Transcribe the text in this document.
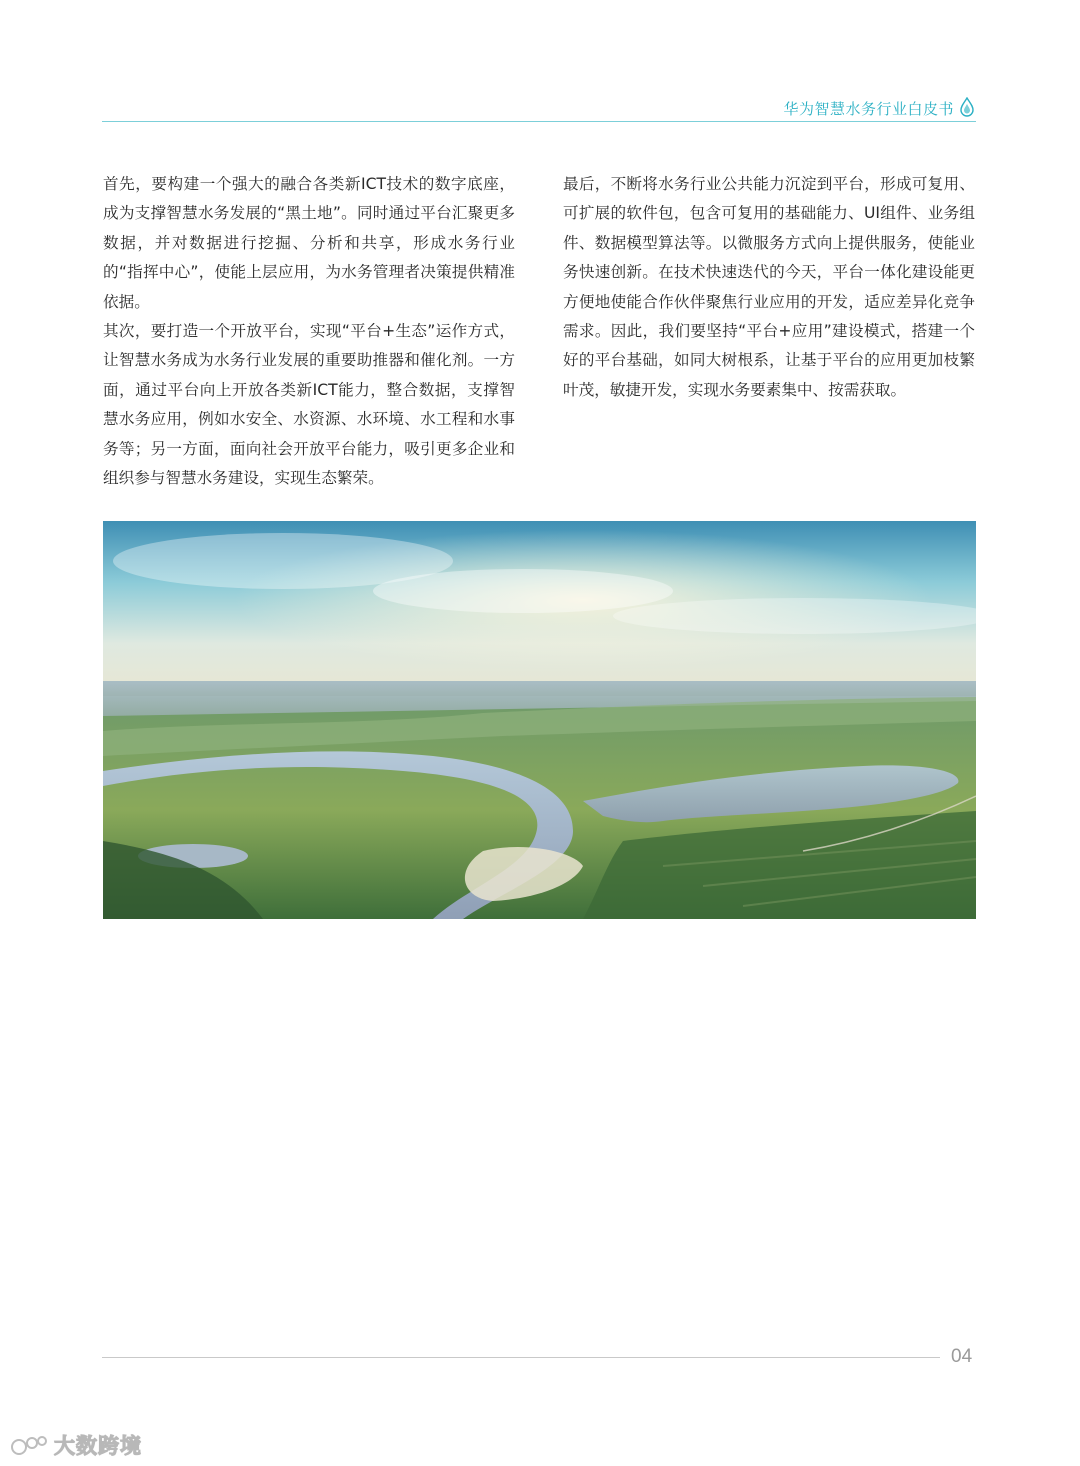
华为智慧水务行业白皮书

首先，要构建一个强大的融合各类新ICT技术的数字底座，成为支撑智慧水务发展的“黑土地”。同时通过平台汇聚更多数据，并对数据进行挖掘、分析和共享，形成水务行业的“指挥中心”，使能上层应用，为水务管理者决策提供精准依据。

其次，要打造一个开放平台，实现“平台+生态”运作方式，让智慧水务成为水务行业发展的重要助推器和催化剂。一方面，通过平台向上开放各类新ICT能力，整合数据，支撑智慧水务应用，例如水安全、水资源、水环境、水工程和水事务等；另一方面，面向社会开放平台能力，吸引更多企业和组织参与智慧水务建设，实现生态繁荣。

最后，不断将水务行业公共能力沉淀到平台，形成可复用、可扩展的软件包，包含可复用的基础能力、UI组件、业务组件、数据模型算法等。以微服务方式向上提供服务，使能业务快速创新。在技术快速迭代的今天，平台一体化建设能更方便地使能合作伙伴聚焦行业应用的开发，适应差异化竞争需求。因此，我们要坚持“平台+应用”建设模式，搭建一个好的平台基础，如同大树根系，让基于平台的应用更加枝繁叶茂，敏捷开发，实现水务要素集中、按需获取。

04
大数跨境
